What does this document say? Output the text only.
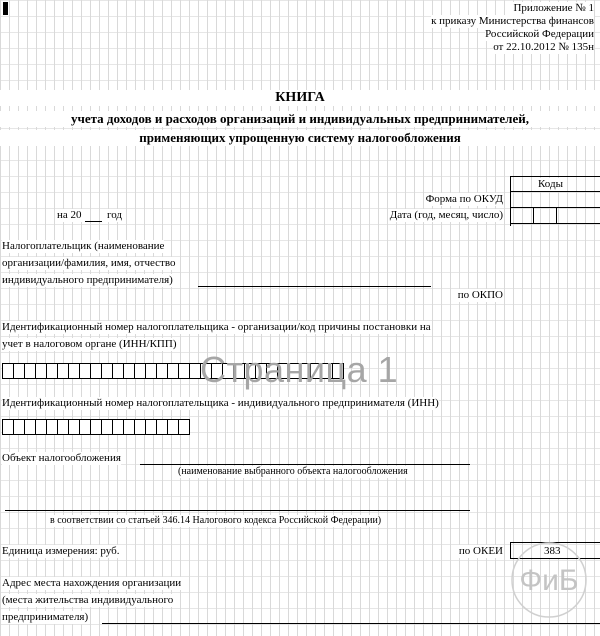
Приложение № 1
к приказу Министерства финансов
Российской Федерации
от 22.10.2012 № 135н
КНИГА
учета доходов и расходов организаций и индивидуальных предпринимателей,
применяющих упрощенную систему налогообложения
Коды
Форма по ОКУД
Дата (год, месяц, число)
на 20 год
Налогоплательщик (наименование
организации/фамилия, имя, отчество
индивидуального предпринимателя)
по ОКПО
Идентификационный номер налогоплательщика - организации/код причины постановки на
учет в налоговом органе (ИНН/КПП)
Страница 1
Идентификационный номер налогоплательщика - индивидуального предпринимателя (ИНН)
Объект налогообложения
(наименование выбранного объекта налогообложения
в соответствии со статьей 346.14 Налогового кодекса Российской Федерации)
Единица измерения: руб.	по ОКЕИ	383
Адрес места нахождения организации
(места жительства индивидуального
предпринимателя)
ФиБ
